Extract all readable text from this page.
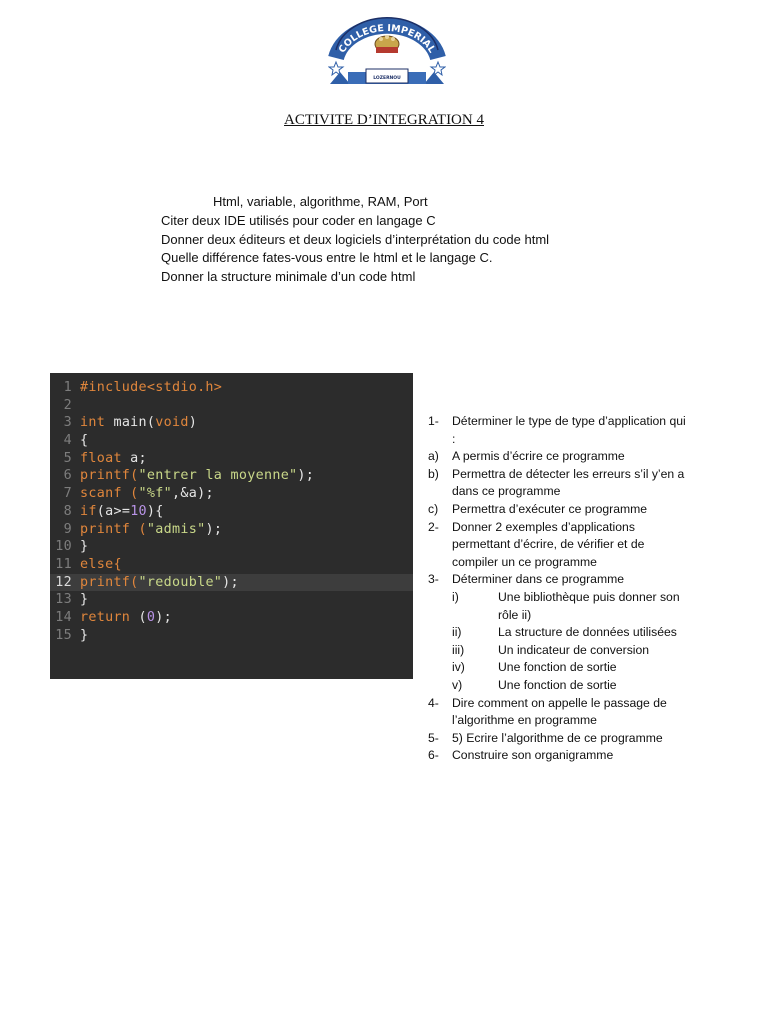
COLLEGE IMPERIAL
LOZERNOU
ACTIVITE D’INTEGRATION 4
Html, variable, algorithme, RAM, Port
Citer deux IDE utilisés pour coder en langage C
Donner deux éditeurs et deux logiciels d’interprétation du code html
Quelle différence fates-vous entre le html et le langage C.
Donner la structure minimale d’un code html
1 #include<stdio.h>
2
3 int main(void)
4 {
5 float a;
6 printf("entrer la moyenne");
7 scanf ("%f",&a);
8 if(a>=10){
9 printf ("admis");
10 }
11 else{
12 printf("redouble");
13 }
14 return (0);
15 }
1-	Déterminer le type de type d’application qui :
a)	A permis d’écrire ce programme
b)	Permettra de détecter les erreurs s’il y’en a dans ce programme
c)	Permettra d’exécuter ce programme
2-	Donner 2 exemples d’applications permettant d’écrire, de vérifier et de compiler un ce programme
3-	Déterminer dans ce programme
i)	Une bibliothèque puis donner son rôle ii)
ii)	La structure de données utilisées
iii)	Un indicateur de conversion
iv)	Une fonction de sortie
v)	Une fonction de sortie
4-	Dire comment on appelle le passage de l’algorithme en programme
5-	5) Ecrire l’algorithme de ce programme
6-	Construire son organigramme
